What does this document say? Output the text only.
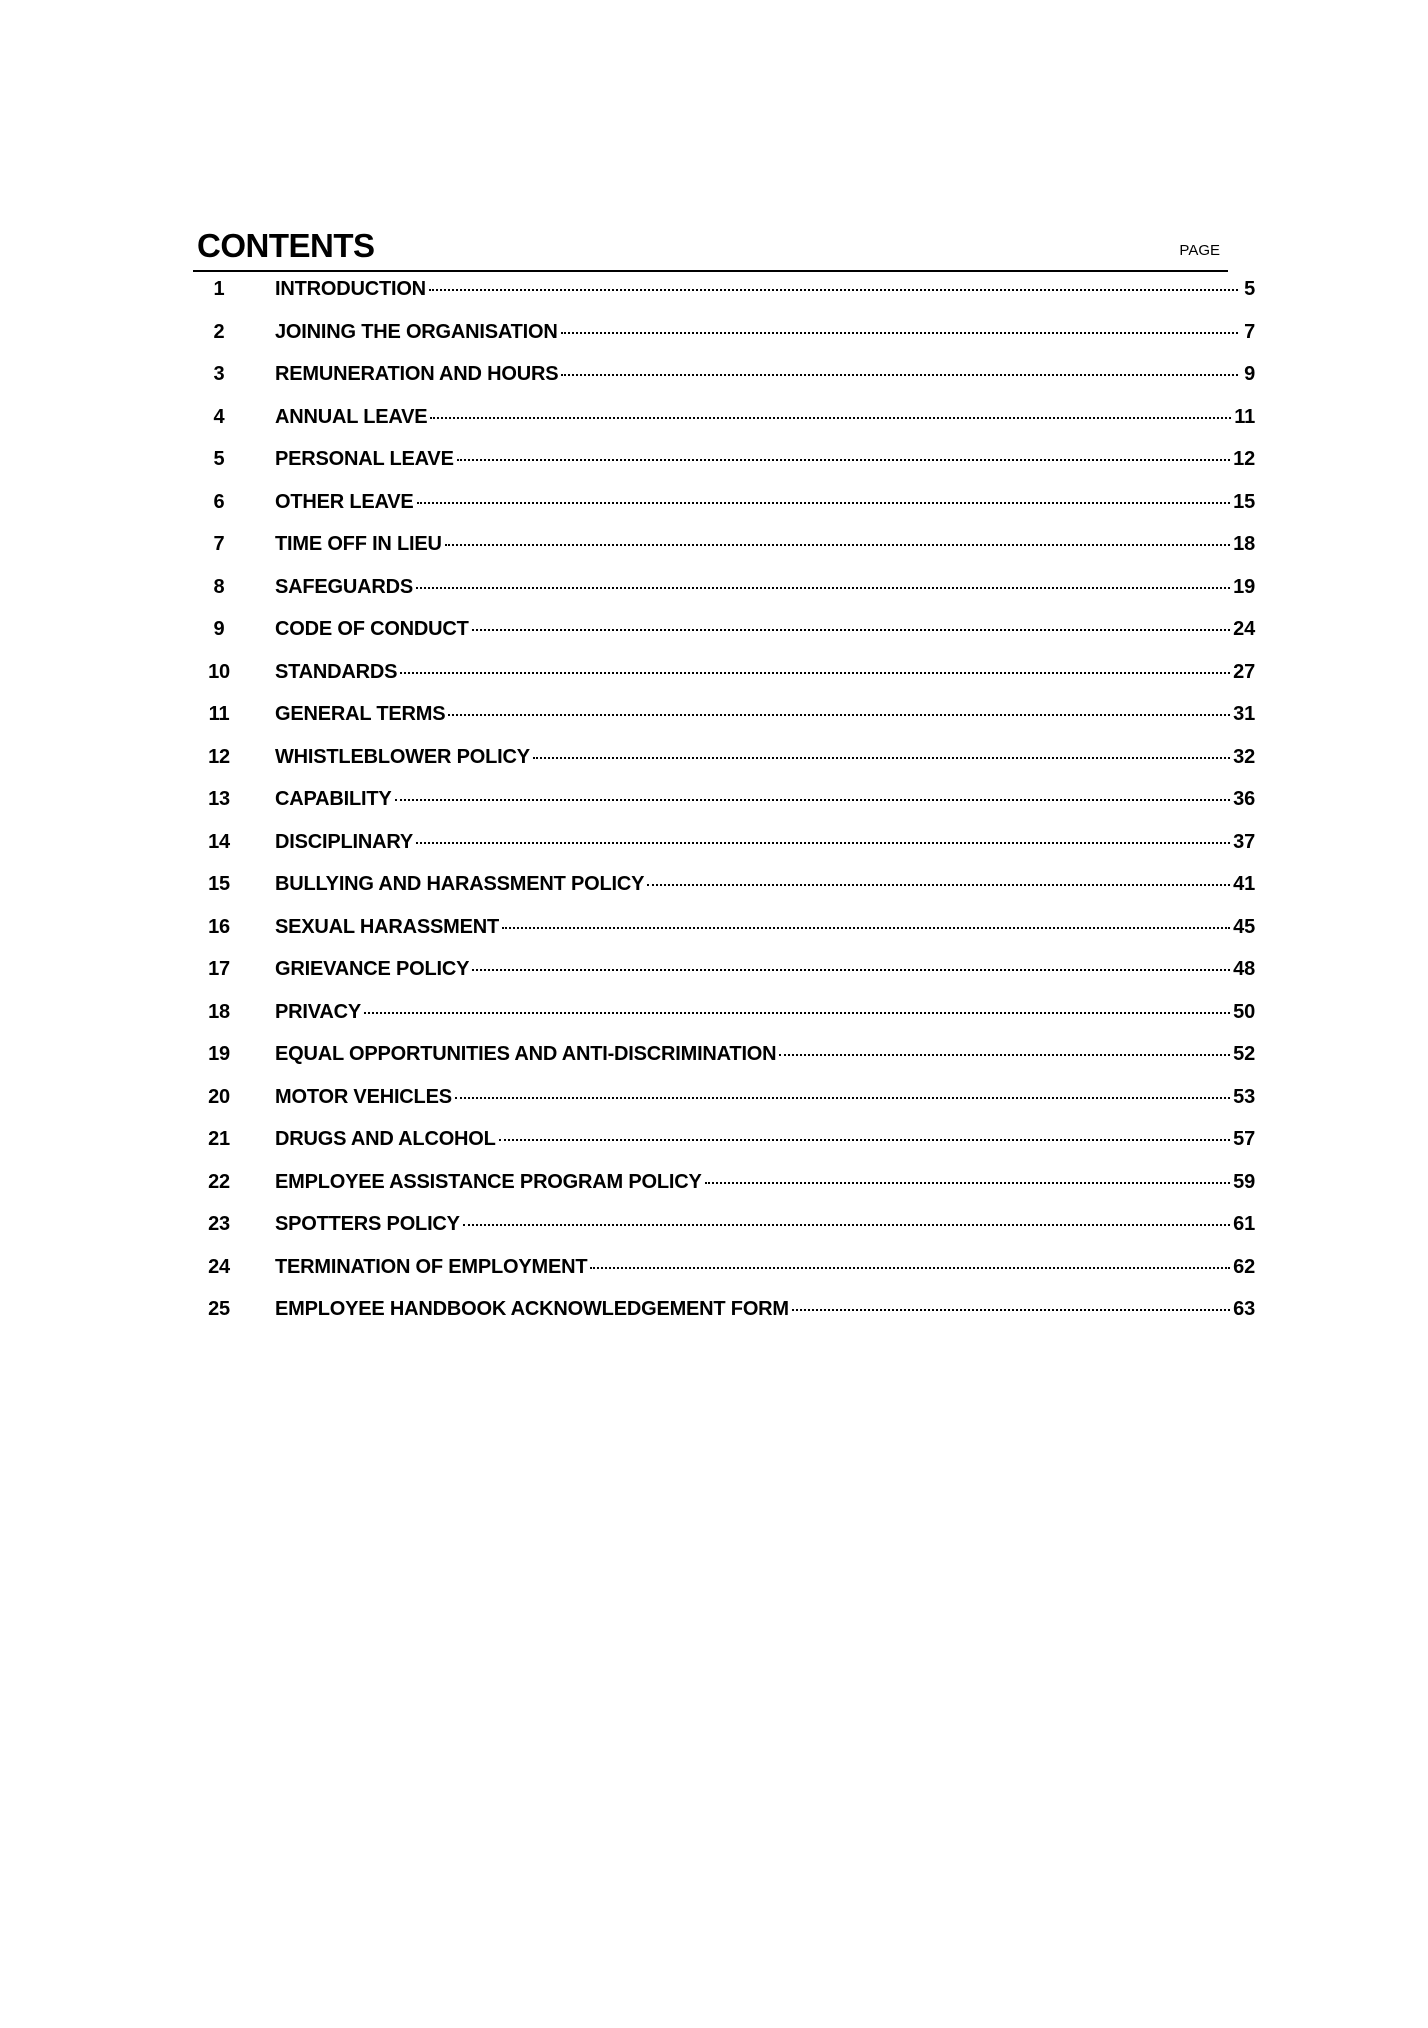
CONTENTS	PAGE
1	INTRODUCTION	5
2	JOINING THE ORGANISATION	7
3	REMUNERATION AND HOURS	9
4	ANNUAL LEAVE	11
5	PERSONAL LEAVE	12
6	OTHER LEAVE	15
7	TIME OFF IN LIEU	18
8	SAFEGUARDS	19
9	CODE OF CONDUCT	24
10	STANDARDS	27
11	GENERAL TERMS	31
12	WHISTLEBLOWER POLICY	32
13	CAPABILITY	36
14	DISCIPLINARY	37
15	BULLYING AND HARASSMENT POLICY	41
16	SEXUAL HARASSMENT	45
17	GRIEVANCE POLICY	48
18	PRIVACY	50
19	EQUAL OPPORTUNITIES AND ANTI-DISCRIMINATION	52
20	MOTOR VEHICLES	53
21	DRUGS AND ALCOHOL	57
22	EMPLOYEE ASSISTANCE PROGRAM POLICY	59
23	SPOTTERS POLICY	61
24	TERMINATION OF EMPLOYMENT	62
25	EMPLOYEE HANDBOOK ACKNOWLEDGEMENT FORM	63
